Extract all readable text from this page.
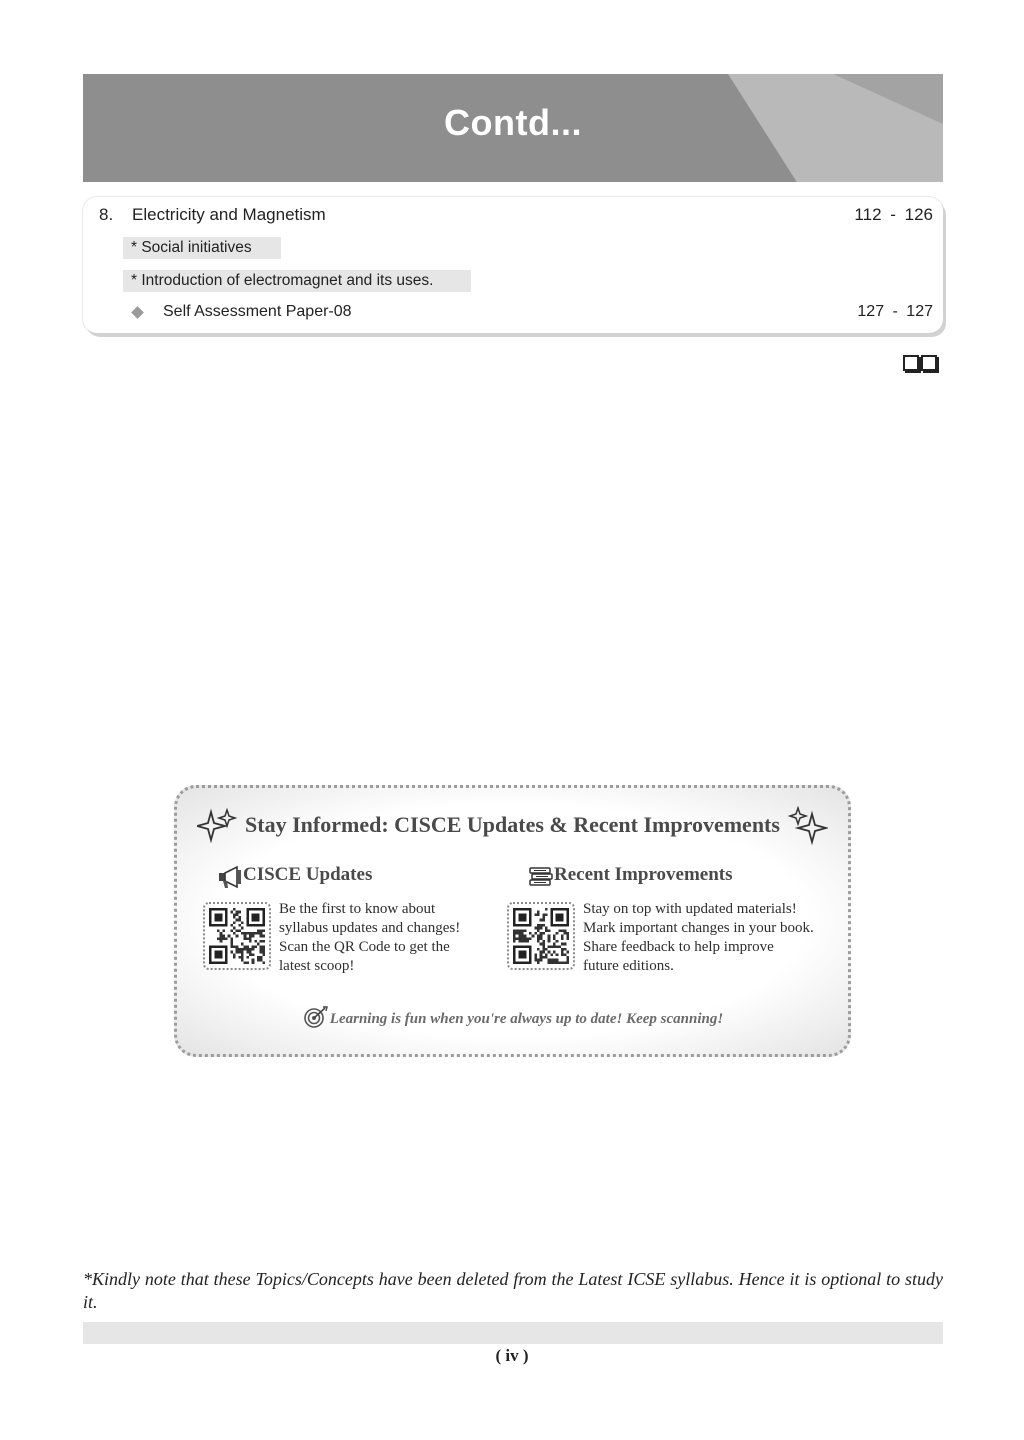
Contd...
8. Electricity and Magnetism	112 - 126
* Social initiatives
* Introduction of electromagnet and its uses.
Self Assessment Paper-08	127 - 127
Stay Informed: CISCE Updates & Recent Improvements
CISCE Updates
Be the first to know about
syllabus updates and changes!
Scan the QR Code to get the
latest scoop!
Recent Improvements
Stay on top with updated materials!
Mark important changes in your book.
Share feedback to help improve
future editions.
Learning is fun when you're always up to date! Keep scanning!
*Kindly note that these Topics/Concepts have been deleted from the Latest ICSE syllabus. Hence it is optional to study it.
( iv )
